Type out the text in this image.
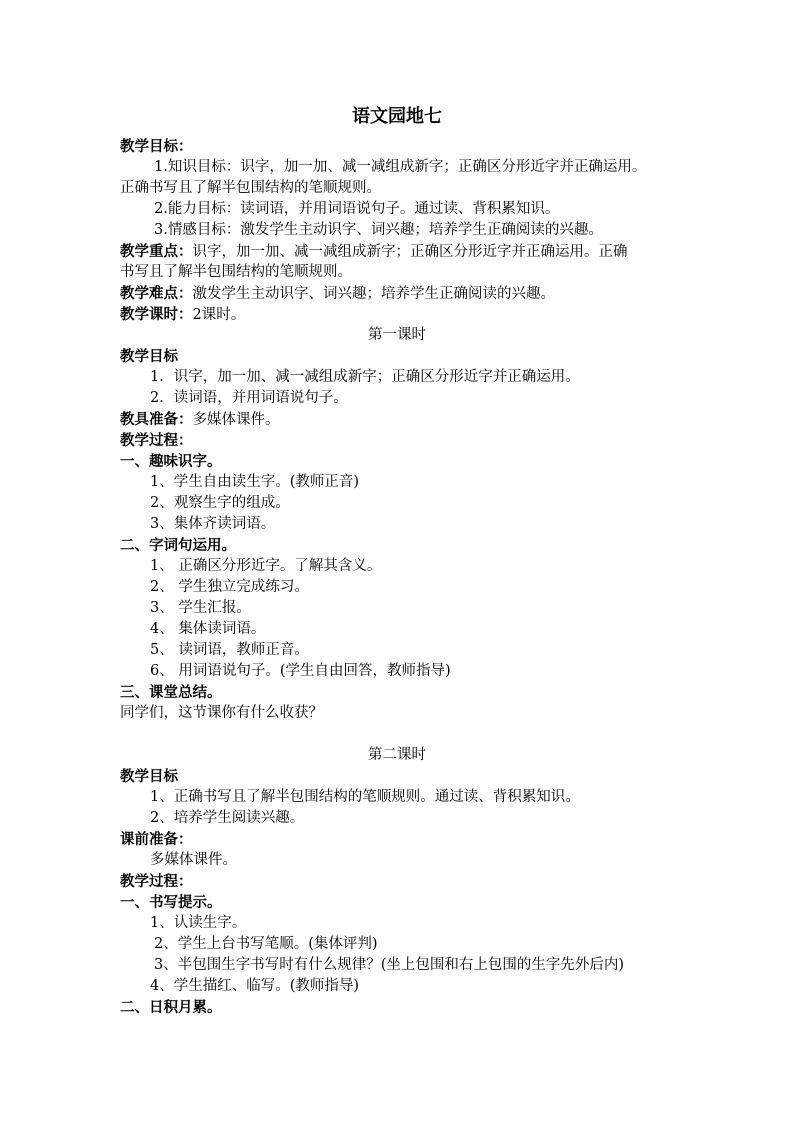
语文园地七
教学目标：
1.知识目标：识字，加一加、减一减组成新字；正确区分形近字并正确运用。
正确书写且了解半包围结构的笔顺规则。
2.能力目标：读词语，并用词语说句子。通过读、背积累知识。
3.情感目标：激发学生主动识字、词兴趣；培养学生正确阅读的兴趣。
教学重点：识字，加一加、减一减组成新字；正确区分形近字并正确运用。正确
书写且了解半包围结构的笔顺规则。
教学难点：激发学生主动识字、词兴趣；培养学生正确阅读的兴趣。
教学课时：2课时。
第一课时
教学目标
1．识字，加一加、减一减组成新字；正确区分形近字并正确运用。
2．读词语，并用词语说句子。
教具准备：多媒体课件。
教学过程：
一、趣味识字。
1、学生自由读生字。(教师正音)
2、观察生字的组成。
3、集体齐读词语。
二、字词句运用。
1、 正确区分形近字。了解其含义。
2、 学生独立完成练习。
3、 学生汇报。
4、 集体读词语。
5、 读词语，教师正音。
6、 用词语说句子。(学生自由回答，教师指导)
三、课堂总结。
同学们，这节课你有什么收获？
第二课时
教学目标
1、正确书写且了解半包围结构的笔顺规则。通过读、背积累知识。
2、培养学生阅读兴趣。
课前准备：
多媒体课件。
教学过程：
一、书写提示。
1、认读生字。
2、学生上台书写笔顺。(集体评判)
3、半包围生字书写时有什么规律？(坐上包围和右上包围的生字先外后内)
4、学生描红、临写。(教师指导)
二、日积月累。
